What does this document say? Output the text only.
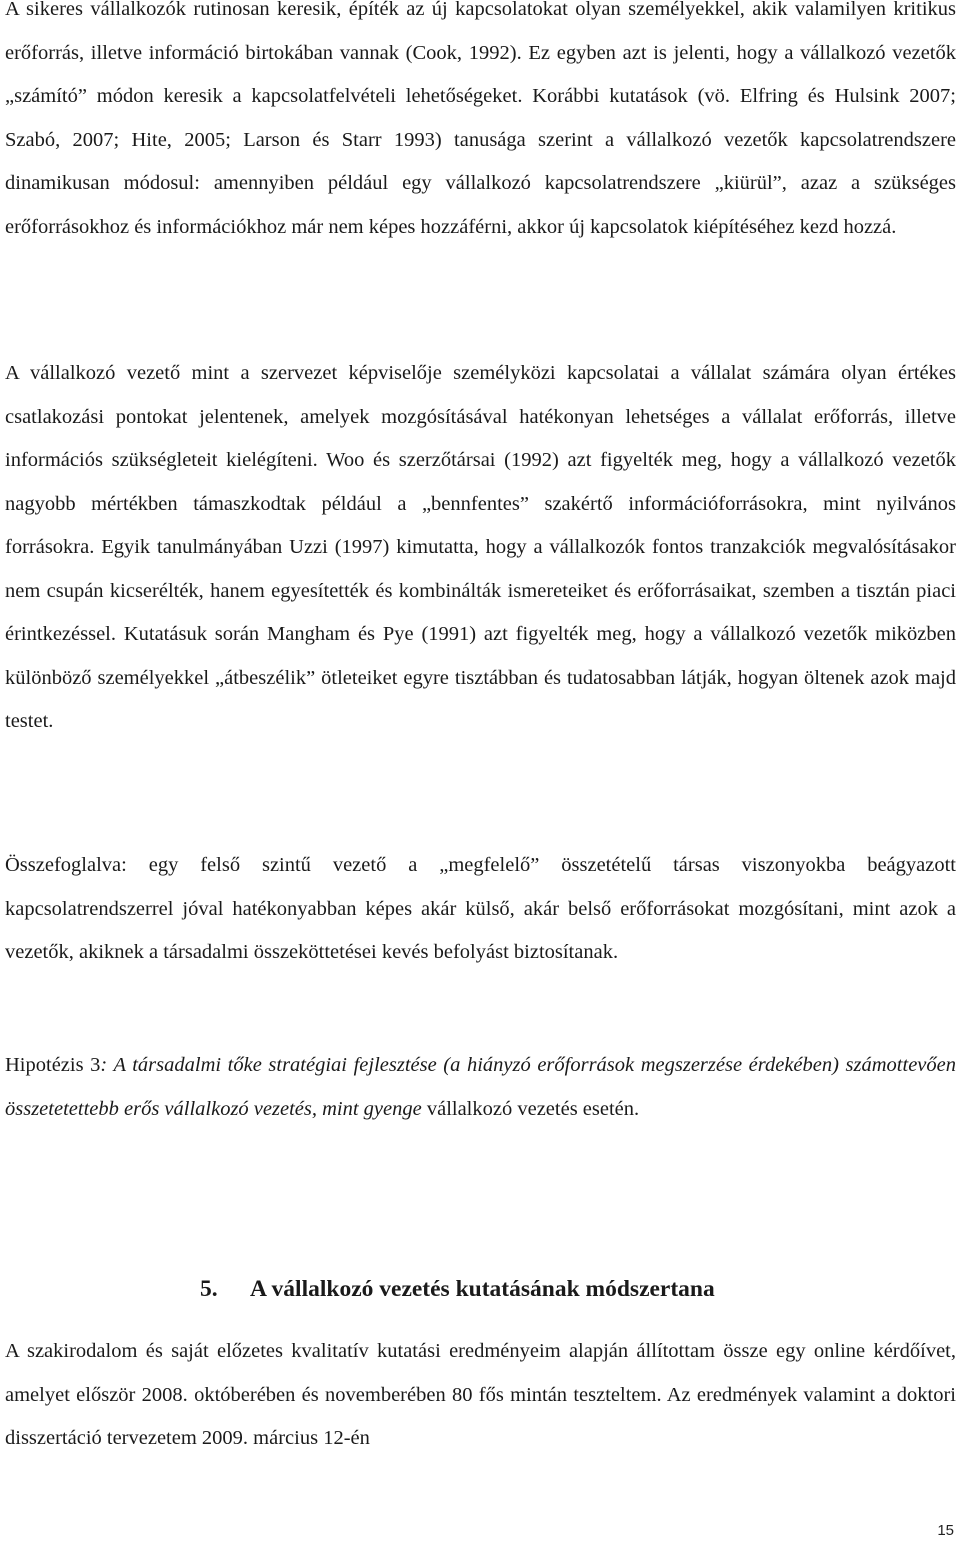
A sikeres vállalkozók rutinosan keresik, építék az új kapcsolatokat olyan személyekkel, akik valamilyen kritikus erőforrás, illetve információ birtokában vannak (Cook, 1992). Ez egyben azt is jelenti, hogy a vállalkozó vezetők „számító” módon keresik a kapcsolatfelvételi lehetőségeket. Korábbi kutatások (vö. Elfring és Hulsink 2007; Szabó, 2007; Hite, 2005; Larson és Starr 1993) tanusága szerint a vállalkozó vezetők kapcsolatrendszere dinamikusan módosul: amennyiben például egy vállalkozó kapcsolatrendszere „kiürül”, azaz a szükséges erőforrásokhoz és információkhoz már nem képes hozzáférni, akkor új kapcsolatok kiépítéséhez kezd hozzá.

A vállalkozó vezető mint a szervezet képviselője személyközi kapcsolatai a vállalat számára olyan értékes csatlakozási pontokat jelentenek, amelyek mozgósításával hatékonyan lehetséges a vállalat erőforrás, illetve információs szükségleteit kielégíteni. Woo és szerzőtársai (1992) azt figyelték meg, hogy a vállalkozó vezetők nagyobb mértékben támaszkodtak például a „bennfentes” szakértő információforrásokra, mint nyilvános forrásokra. Egyik tanulmányában Uzzi (1997) kimutatta, hogy a vállalkozók fontos tranzakciók megvalósításakor nem csupán kicserélték, hanem egyesítették és kombinálták ismereteiket és erőforrásaikat, szemben a tisztán piaci érintkezéssel. Kutatásuk során Mangham és Pye (1991) azt figyelték meg, hogy a vállalkozó vezetők miközben különböző személyekkel „átbeszélik” ötleteiket egyre tisztábban és tudatosabban látják, hogyan öltenek azok majd testet.

Összefoglalva: egy felső szintű vezető a „megfelelő” összetételű társas viszonyokba beágyazott kapcsolatrendszerrel jóval hatékonyabban képes akár külső, akár belső erőforrásokat mozgósítani, mint azok a vezetők, akiknek a társadalmi összeköttetései kevés befolyást biztosítanak.

Hipotézis 3: A társadalmi tőke stratégiai fejlesztése (a hiányzó erőforrások megszerzése érdekében) számottevően összetetettebb erős vállalkozó vezetés, mint gyenge vállalkozó vezetés esetén.

5. A vállalkozó vezetés kutatásának módszertana

A szakirodalom és saját előzetes kvalitatív kutatási eredményeim alapján állítottam össze egy online kérdőívet, amelyet először 2008. októberében és novemberében 80 fős mintán teszteltem. Az eredmények valamint a doktori disszertáció tervezetem 2009. március 12-én

15
